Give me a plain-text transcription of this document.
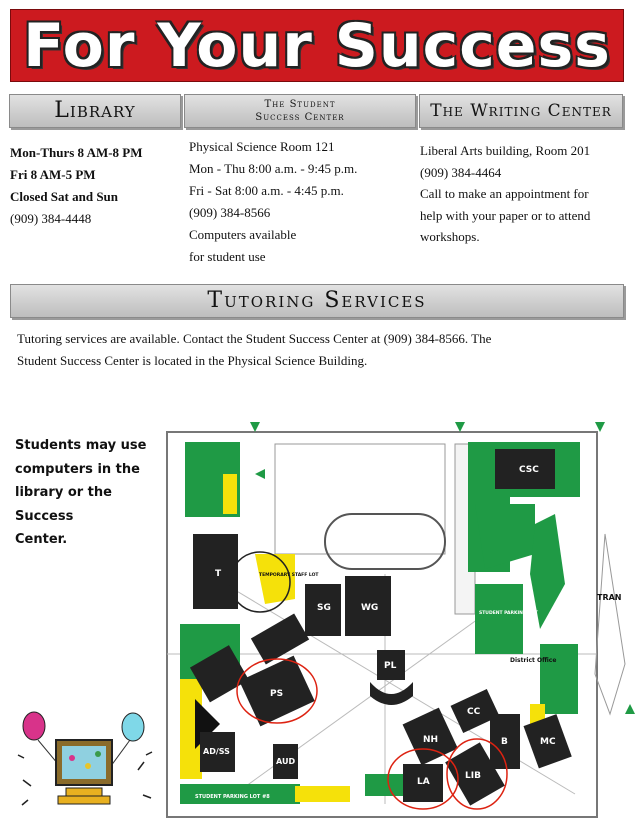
For Your Success
Library	The Student
Success Center	The Writing Center
Mon-Thurs 8 AM-8 PM
Fri 8 AM-5 PM
Closed Sat and Sun
(909) 384-4448
Physical Science Room 121
Mon - Thu 8:00 a.m. - 9:45 p.m.
Fri - Sat 8:00 a.m. - 4:45 p.m.
(909) 384-8566
Computers available
for student use
Liberal Arts building, Room 201
(909) 384-4464
Call to make an appointment for
help with your paper or to attend
workshops.
Tutoring Services
Tutoring services are available. Contact the Student Success Center at (909) 384-8566. The
Student Success Center is located in the Physical Science Building.
Students may use
computers in the
library or the Success
Center.
CSC
T
SG	WG
PL
PS
NH
CC
B	MC
LA
LIB
AUD
AD/SS
TRAN
District Office
TEMPORARY STAFF LOT
STUDENT PARKING LOT #8
STUDENT PARKING LOT
